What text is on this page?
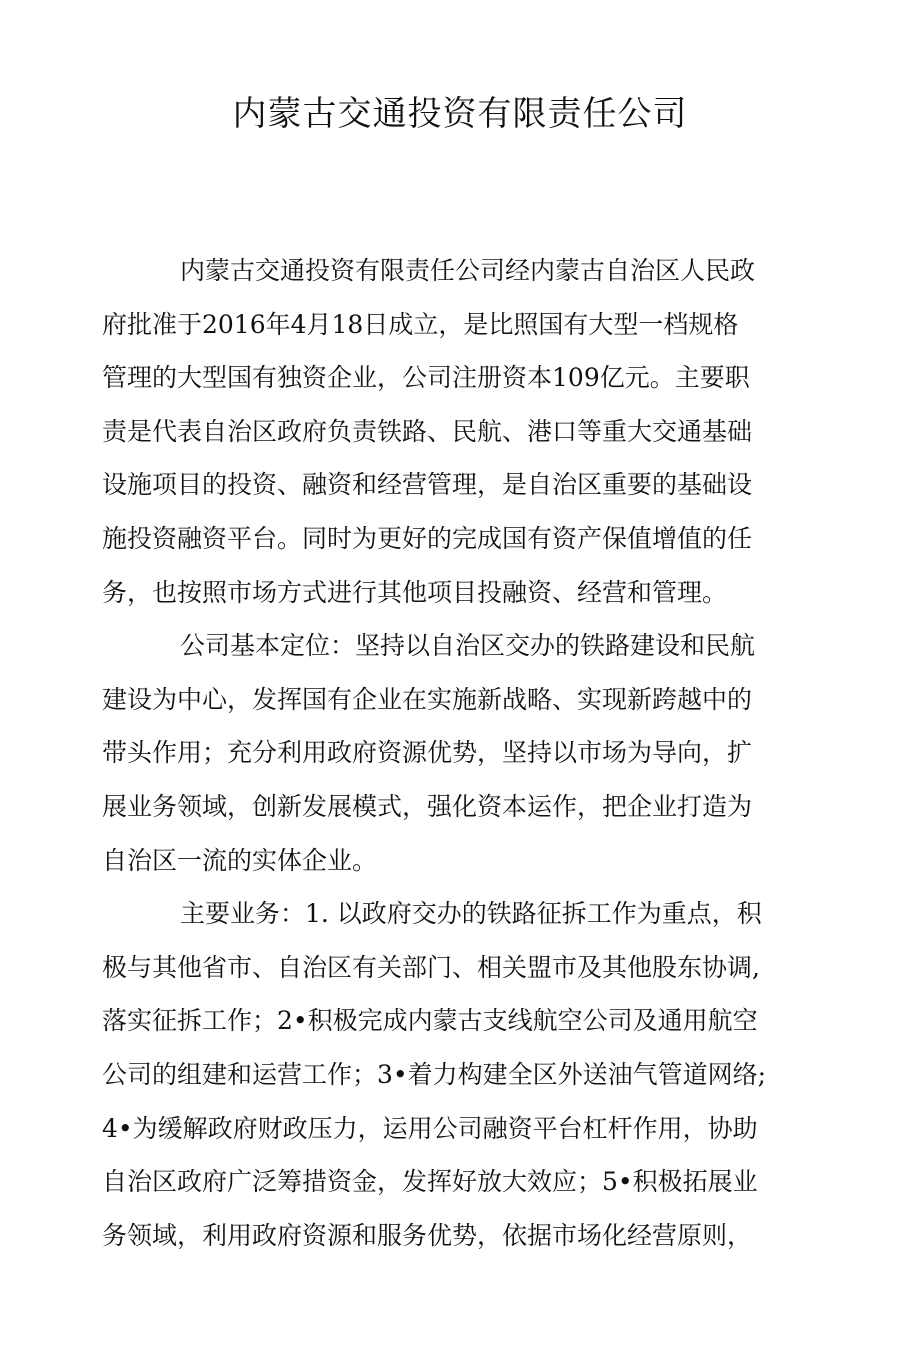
内蒙古交通投资有限责任公司
内蒙古交通投资有限责任公司经内蒙古自治区人民政
府批准于2016年4月18日成立，是比照国有大型一档规格
管理的大型国有独资企业，公司注册资本109亿元。主要职
责是代表自治区政府负责铁路、民航、港口等重大交通基础
设施项目的投资、融资和经营管理，是自治区重要的基础设
施投资融资平台。同时为更好的完成国有资产保值增值的任
务，也按照市场方式进行其他项目投融资、经营和管理。
公司基本定位：坚持以自治区交办的铁路建设和民航
建设为中心，发挥国有企业在实施新战略、实现新跨越中的
带头作用；充分利用政府资源优势，坚持以市场为导向，扩
展业务领域，创新发展模式，强化资本运作，把企业打造为
自治区一流的实体企业。
主要业务：1. 以政府交办的铁路征拆工作为重点，积
极与其他省市、自治区有关部门、相关盟市及其他股东协调,
落实征拆工作；2•积极完成内蒙古支线航空公司及通用航空
公司的组建和运营工作；3•着力构建全区外送油气管道网络;
4•为缓解政府财政压力，运用公司融资平台杠杆作用，协助
自治区政府广泛筹措资金，发挥好放大效应；5•积极拓展业
务领域，利用政府资源和服务优势，依据市场化经营原则，
